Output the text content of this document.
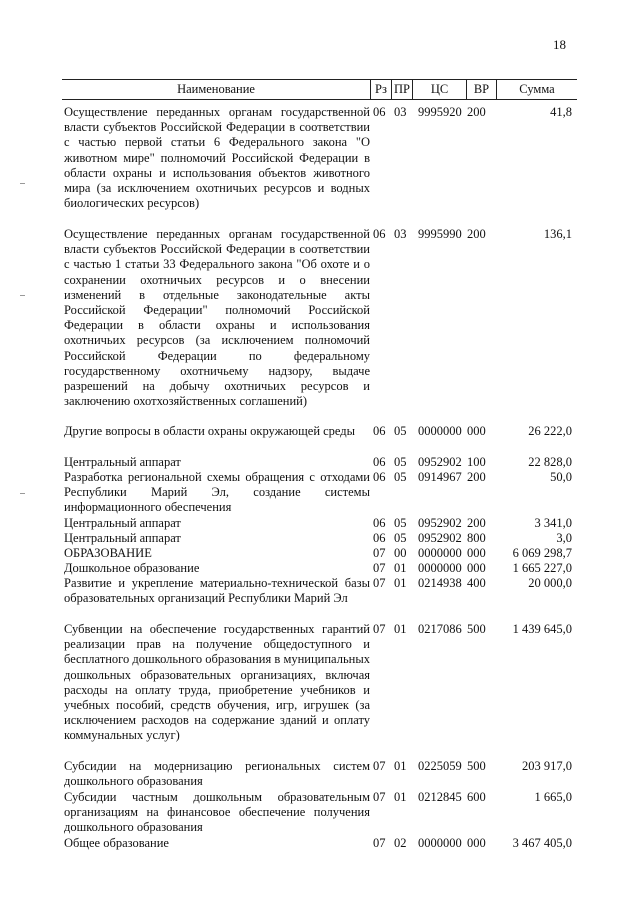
18
Наименование	Рз ПР	ЦС	ВР	Сумма
Осуществление переданных органам государственной власти субъектов Российской Федерации в соответствии с частью первой статьи 6 Федерального закона "О животном мире" полномочий Российской Федерации в области охраны и использования объектов животного мира (за исключением охотничьих ресурсов и водных биологических ресурсов)
06 03 9995920 200	41,8
Осуществление переданных органам государственной власти субъектов Российской Федерации в соответствии с частью 1 статьи 33 Федерального закона "Об охоте и о сохранении охотничьих ресурсов и о внесении изменений в отдельные законодательные акты Российской Федерации" полномочий Российской Федерации в области охраны и использования охотничьих ресурсов (за исключением полномочий Российской Федерации по федеральному государственному охотничьему надзору, выдаче разрешений на добычу охотничьих ресурсов и заключению охотхозяйственных соглашений)
06 03 9995990 200	136,1
Другие вопросы в области охраны окружающей среды	06 05 0000000 000	26 222,0
Центральный аппарат	06 05 0952902 100	22 828,0
Разработка региональной схемы обращения с отходами Республики Марий Эл, создание системы информационного обеспечения
06 05 0914967 200	50,0
Центральный аппарат	06 05 0952902 200	3 341,0
Центральный аппарат	06 05 0952902 800	3,0
ОБРАЗОВАНИЕ	07 00 0000000 000	6 069 298,7
Дошкольное образование	07 01 0000000 000	1 665 227,0
Развитие и укрепление материально-технической базы образовательных организаций Республики Марий Эл
07 01 0214938 400	20 000,0
Субвенции на обеспечение государственных гарантий реализации прав на получение общедоступного и бесплатного дошкольного образования в муниципальных дошкольных образовательных организациях, включая расходы на оплату труда, приобретение учебников и учебных пособий, средств обучения, игр, игрушек (за исключением расходов на содержание зданий и оплату коммунальных услуг)
07 01 0217086 500	1 439 645,0
Субсидии на модернизацию региональных систем дошкольного образования
07 01 0225059 500	203 917,0
Субсидии частным дошкольным образовательным организациям на финансовое обеспечение получения дошкольного образования
07 01 0212845 600	1 665,0
Общее образование	07 02 0000000 000	3 467 405,0
